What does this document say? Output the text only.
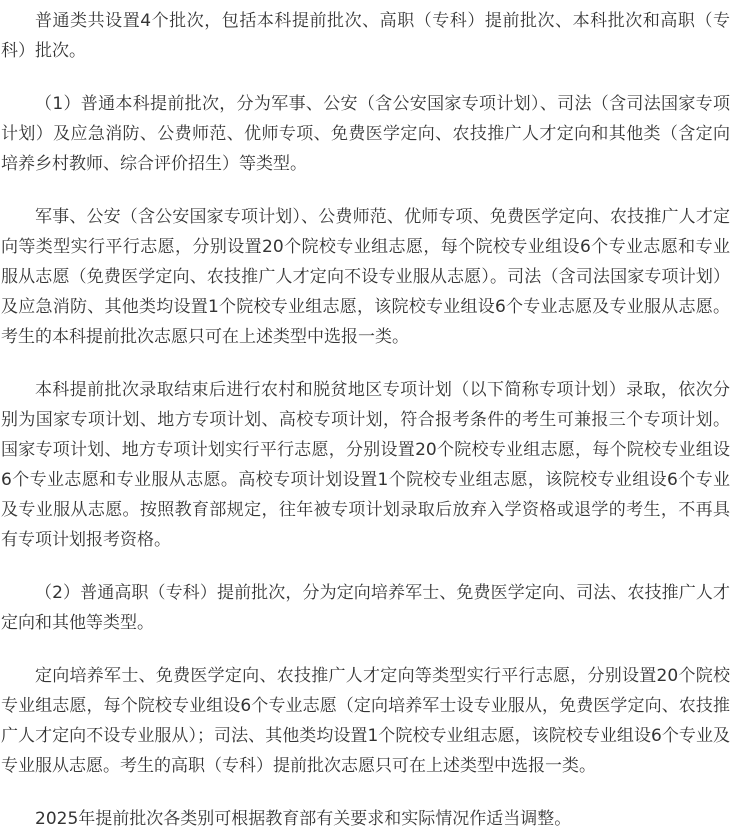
普通类共设置4个批次，包括本科提前批次、高职（专科）提前批次、本科批次和高职（专科）批次。

（1）普通本科提前批次，分为军事、公安（含公安国家专项计划）、司法（含司法国家专项计划）及应急消防、公费师范、优师专项、免费医学定向、农技推广人才定向和其他类（含定向培养乡村教师、综合评价招生）等类型。

军事、公安（含公安国家专项计划）、公费师范、优师专项、免费医学定向、农技推广人才定向等类型实行平行志愿，分别设置20个院校专业组志愿，每个院校专业组设6个专业志愿和专业服从志愿（免费医学定向、农技推广人才定向不设专业服从志愿）。司法（含司法国家专项计划）及应急消防、其他类均设置1个院校专业组志愿，该院校专业组设6个专业志愿及专业服从志愿。考生的本科提前批次志愿只可在上述类型中选报一类。

本科提前批次录取结束后进行农村和脱贫地区专项计划（以下简称专项计划）录取，依次分别为国家专项计划、地方专项计划、高校专项计划，符合报考条件的考生可兼报三个专项计划。国家专项计划、地方专项计划实行平行志愿，分别设置20个院校专业组志愿，每个院校专业组设6个专业志愿和专业服从志愿。高校专项计划设置1个院校专业组志愿，该院校专业组设6个专业及专业服从志愿。按照教育部规定，往年被专项计划录取后放弃入学资格或退学的考生，不再具有专项计划报考资格。

（2）普通高职（专科）提前批次，分为定向培养军士、免费医学定向、司法、农技推广人才定向和其他等类型。

定向培养军士、免费医学定向、农技推广人才定向等类型实行平行志愿，分别设置20个院校专业组志愿，每个院校专业组设6个专业志愿（定向培养军士设专业服从，免费医学定向、农技推广人才定向不设专业服从）；司法、其他类均设置1个院校专业组志愿，该院校专业组设6个专业及专业服从志愿。考生的高职（专科）提前批次志愿只可在上述类型中选报一类。

2025年提前批次各类别可根据教育部有关要求和实际情况作适当调整。
